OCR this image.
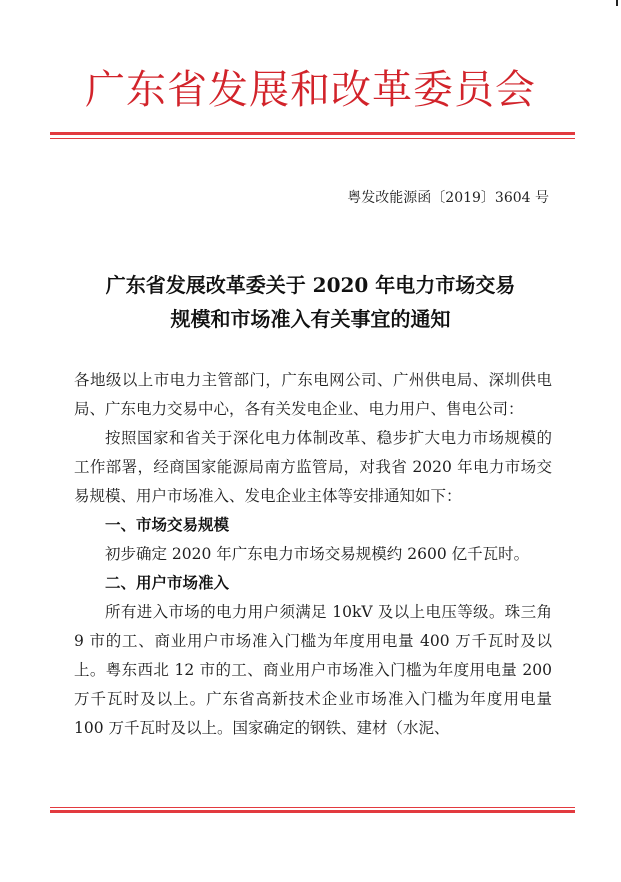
广东省发展和改革委员会
粤发改能源函〔2019〕3604 号
广东省发展改革委关于 2020 年电力市场交易
规模和市场准入有关事宜的通知

各地级以上市电力主管部门，广东电网公司、广州供电局、深圳供电局、广东电力交易中心，各有关发电企业、电力用户、售电公司：

按照国家和省关于深化电力体制改革、稳步扩大电力市场规模的工作部署，经商国家能源局南方监管局，对我省 2020 年电力市场交易规模、用户市场准入、发电企业主体等安排通知如下：

一、市场交易规模

初步确定 2020 年广东电力市场交易规模约 2600 亿千瓦时。

二、用户市场准入

所有进入市场的电力用户须满足 10kV 及以上电压等级。珠三角 9 市的工、商业用户市场准入门槛为年度用电量 400 万千瓦时及以上。粤东西北 12 市的工、商业用户市场准入门槛为年度用电量 200 万千瓦时及以上。广东省高新技术企业市场准入门槛为年度用电量 100 万千瓦时及以上。国家确定的钢铁、建材（水泥、
